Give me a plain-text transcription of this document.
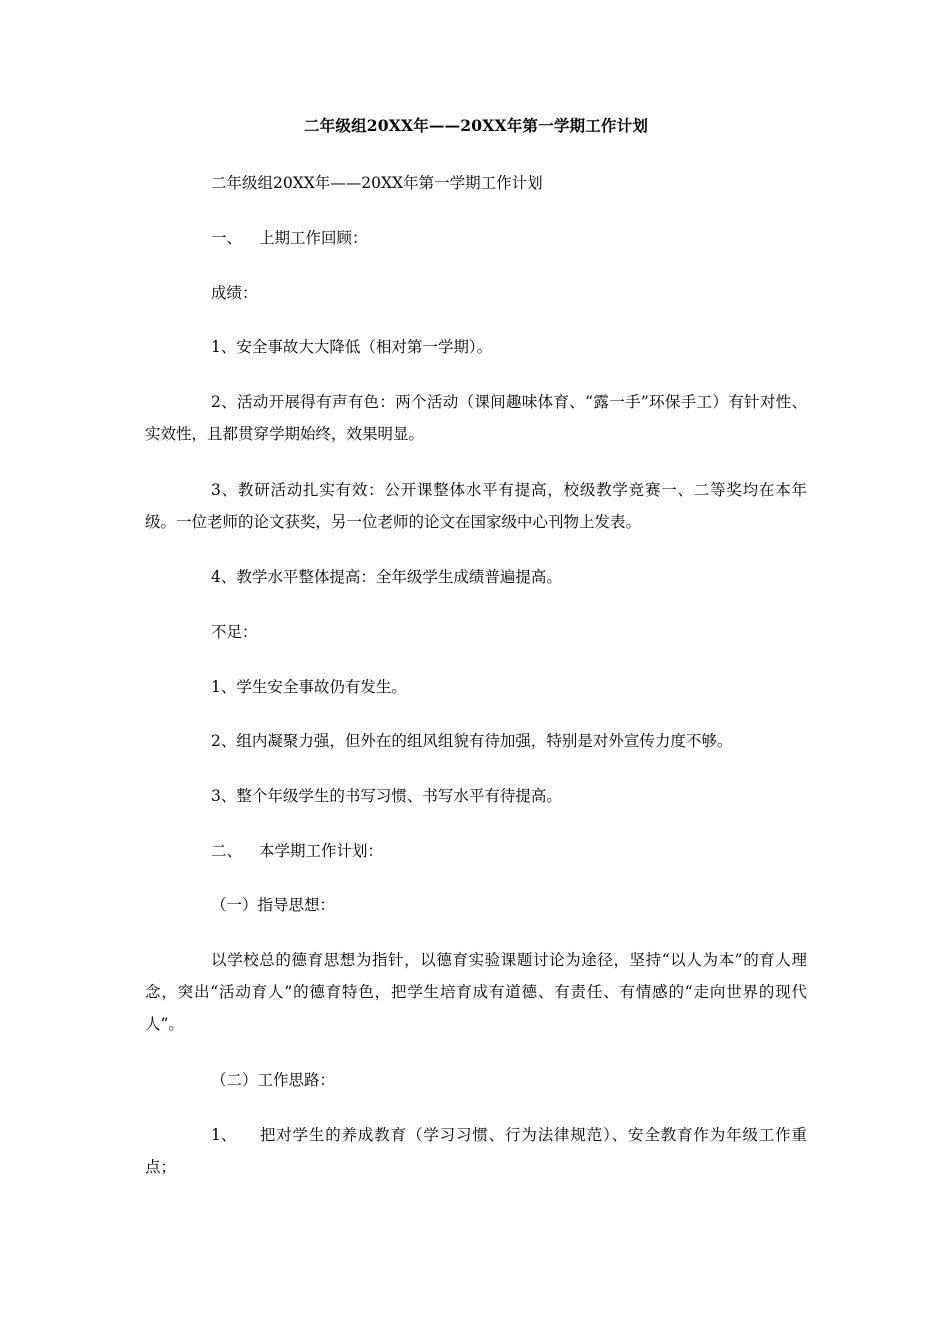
二年级组20XX年——20XX年第一学期工作计划

二年级组20XX年——20XX年第一学期工作计划

一、 上期工作回顾：

成绩：

1、安全事故大大降低（相对第一学期）。

2、活动开展得有声有色：两个活动（课间趣味体育、“露一手”环保手工）有针对性、实效性，且都贯穿学期始终，效果明显。

3、教研活动扎实有效：公开课整体水平有提高，校级教学竞赛一、二等奖均在本年级。一位老师的论文获奖，另一位老师的论文在国家级中心刊物上发表。

4、教学水平整体提高：全年级学生成绩普遍提高。

不足：

1、学生安全事故仍有发生。

2、组内凝聚力强，但外在的组风组貌有待加强，特别是对外宣传力度不够。

3、整个年级学生的书写习惯、书写水平有待提高。

二、 本学期工作计划：

（一）指导思想：

以学校总的德育思想为指针，以德育实验课题讨论为途径，坚持“以人为本”的育人理念，突出“活动育人”的德育特色，把学生培育成有道德、有责任、有情感的“走向世界的现代人”。

（二）工作思路：

1、 把对学生的养成教育（学习习惯、行为法律规范）、安全教育作为年级工作重点；
